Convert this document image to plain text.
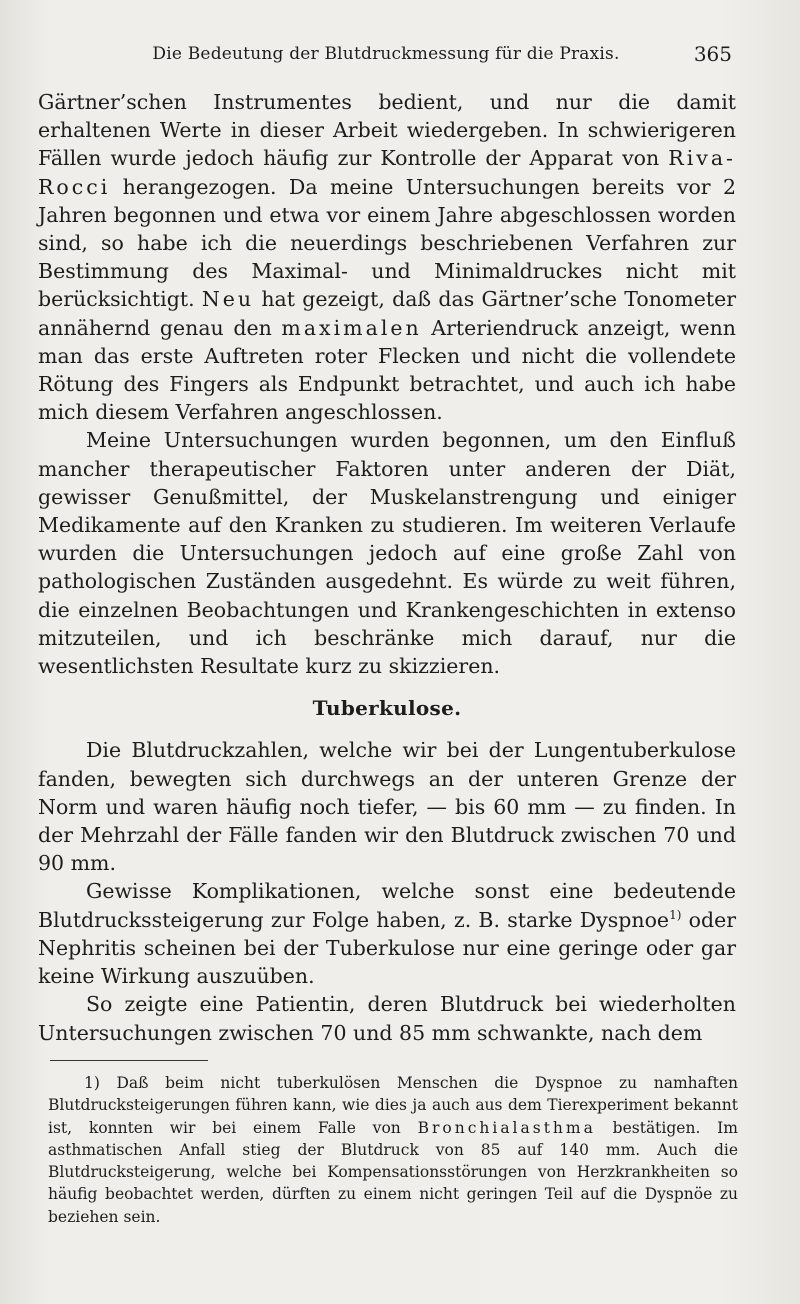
Die Bedeutung der Blutdruckmessung für die Praxis.	365

Gärtner’schen Instrumentes bedient, und nur die damit erhaltenen Werte in dieser Arbeit wiedergeben. In schwierigeren Fällen wurde jedoch häufig zur Kontrolle der Apparat von Riva-Rocci herangezogen. Da meine Untersuchungen bereits vor 2 Jahren begonnen und etwa vor einem Jahre abgeschlossen worden sind, so habe ich die neuerdings beschriebenen Verfahren zur Bestimmung des Maximal- und Minimaldruckes nicht mit berücksichtigt. Neu hat gezeigt, daß das Gärtner’sche Tonometer annähernd genau den maximalen Arteriendruck anzeigt, wenn man das erste Auftreten roter Flecken und nicht die vollendete Rötung des Fingers als Endpunkt betrachtet, und auch ich habe mich diesem Verfahren angeschlossen.

Meine Untersuchungen wurden begonnen, um den Einfluß mancher therapeutischer Faktoren unter anderen der Diät, gewisser Genußmittel, der Muskelanstrengung und einiger Medikamente auf den Kranken zu studieren. Im weiteren Verlaufe wurden die Untersuchungen jedoch auf eine große Zahl von pathologischen Zuständen ausgedehnt. Es würde zu weit führen, die einzelnen Beobachtungen und Krankengeschichten in extenso mitzuteilen, und ich beschränke mich darauf, nur die wesentlichsten Resultate kurz zu skizzieren.

Tuberkulose.

Die Blutdruckzahlen, welche wir bei der Lungentuberkulose fanden, bewegten sich durchwegs an der unteren Grenze der Norm und waren häufig noch tiefer, — bis 60 mm — zu finden. In der Mehrzahl der Fälle fanden wir den Blutdruck zwischen 70 und 90 mm.

Gewisse Komplikationen, welche sonst eine bedeutende Blutdruckssteigerung zur Folge haben, z. B. starke Dyspnoe$^{1)}$ oder Nephritis scheinen bei der Tuberkulose nur eine geringe oder gar keine Wirkung auszuüben.

So zeigte eine Patientin, deren Blutdruck bei wiederholten Untersuchungen zwischen 70 und 85 mm schwankte, nach dem

1) Daß beim nicht tuberkulösen Menschen die Dyspnoe zu namhaften Blutdrucksteigerungen führen kann, wie dies ja auch aus dem Tierexperiment bekannt ist, konnten wir bei einem Falle von Bronchialasthma bestätigen. Im asthmatischen Anfall stieg der Blutdruck von 85 auf 140 mm. Auch die Blutdrucksteigerung, welche bei Kompensationsstörungen von Herzkrankheiten so häufig beobachtet werden, dürften zu einem nicht geringen Teil auf die Dyspnöe zu beziehen sein.
